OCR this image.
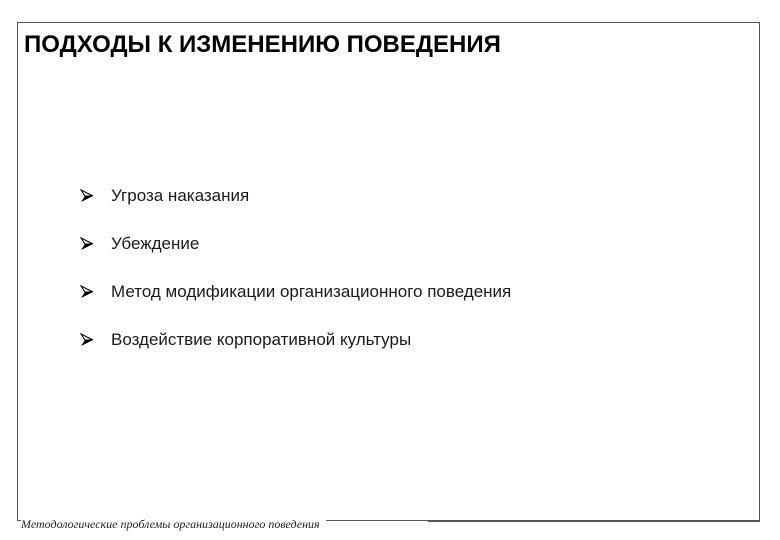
ПОДХОДЫ К ИЗМЕНЕНИЮ ПОВЕДЕНИЯ
Угроза наказания
Убеждение
Метод модификации организационного поведения
Воздействие корпоративной культуры
Методологические проблемы организационного поведения
